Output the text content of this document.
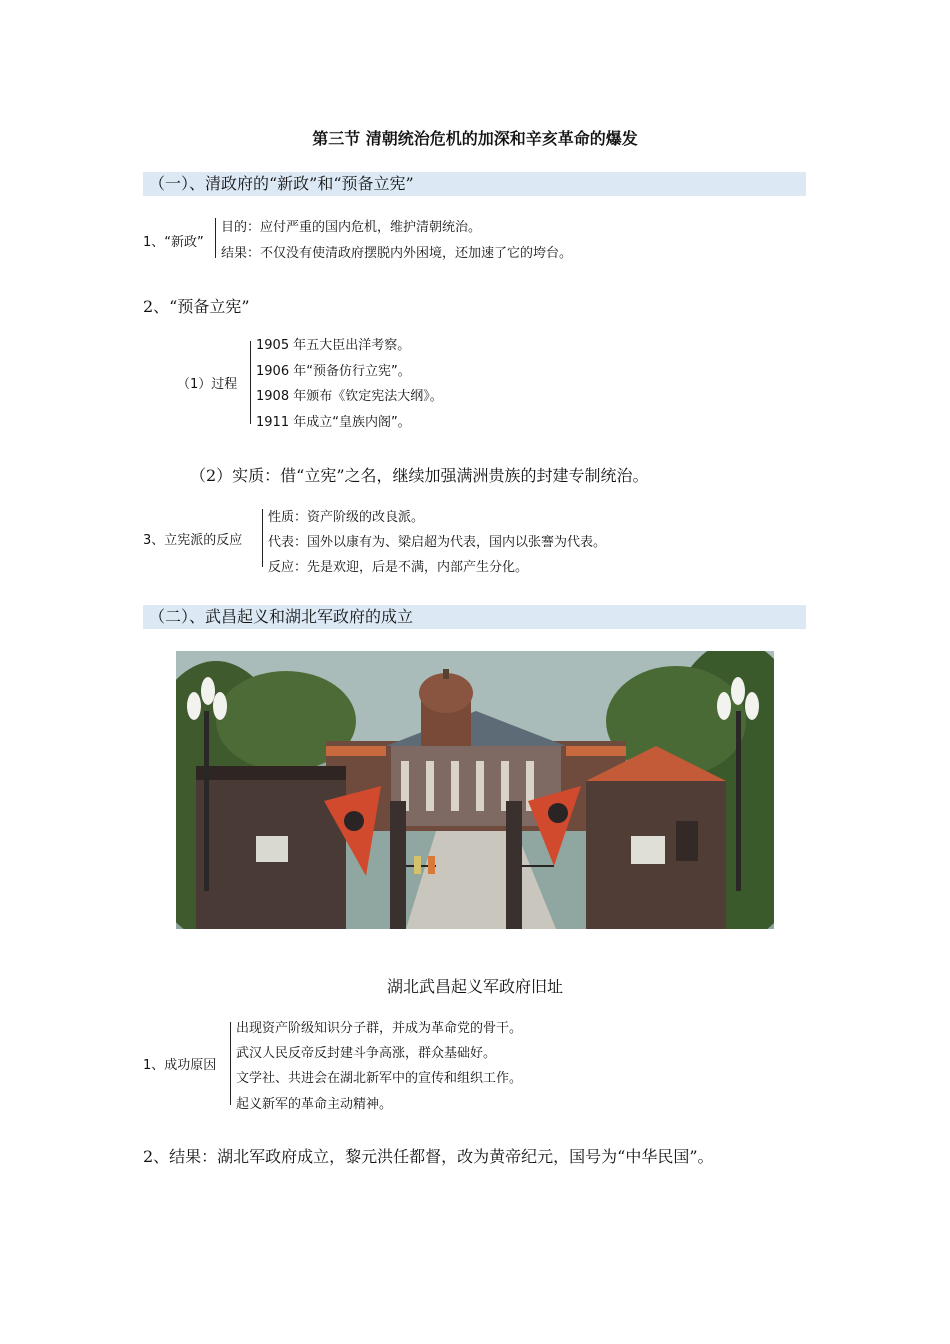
第三节 清朝统治危机的加深和辛亥革命的爆发
（一）、清政府的“新政”和“预备立宪”
1、“新政”
目的：应付严重的国内危机，维护清朝统治。
结果：不仅没有使清政府摆脱内外困境，还加速了它的垮台。
2、“预备立宪”
（1）过程
1905 年五大臣出洋考察。
1906 年“预备仿行立宪”。
1908 年颁布《钦定宪法大纲》。
1911 年成立“皇族内阁”。
（2）实质：借“立宪”之名，继续加强满洲贵族的封建专制统治。
3、立宪派的反应
性质：资产阶级的改良派。
代表：国外以康有为、梁启超为代表，国内以张謇为代表。
反应：先是欢迎，后是不满，内部产生分化。
（二）、武昌起义和湖北军政府的成立
湖北武昌起义军政府旧址
1、成功原因
出现资产阶级知识分子群，并成为革命党的骨干。
武汉人民反帝反封建斗争高涨，群众基础好。
文学社、共进会在湖北新军中的宣传和组织工作。
起义新军的革命主动精神。
2、结果：湖北军政府成立，黎元洪任都督，改为黄帝纪元，国号为“中华民国”。
